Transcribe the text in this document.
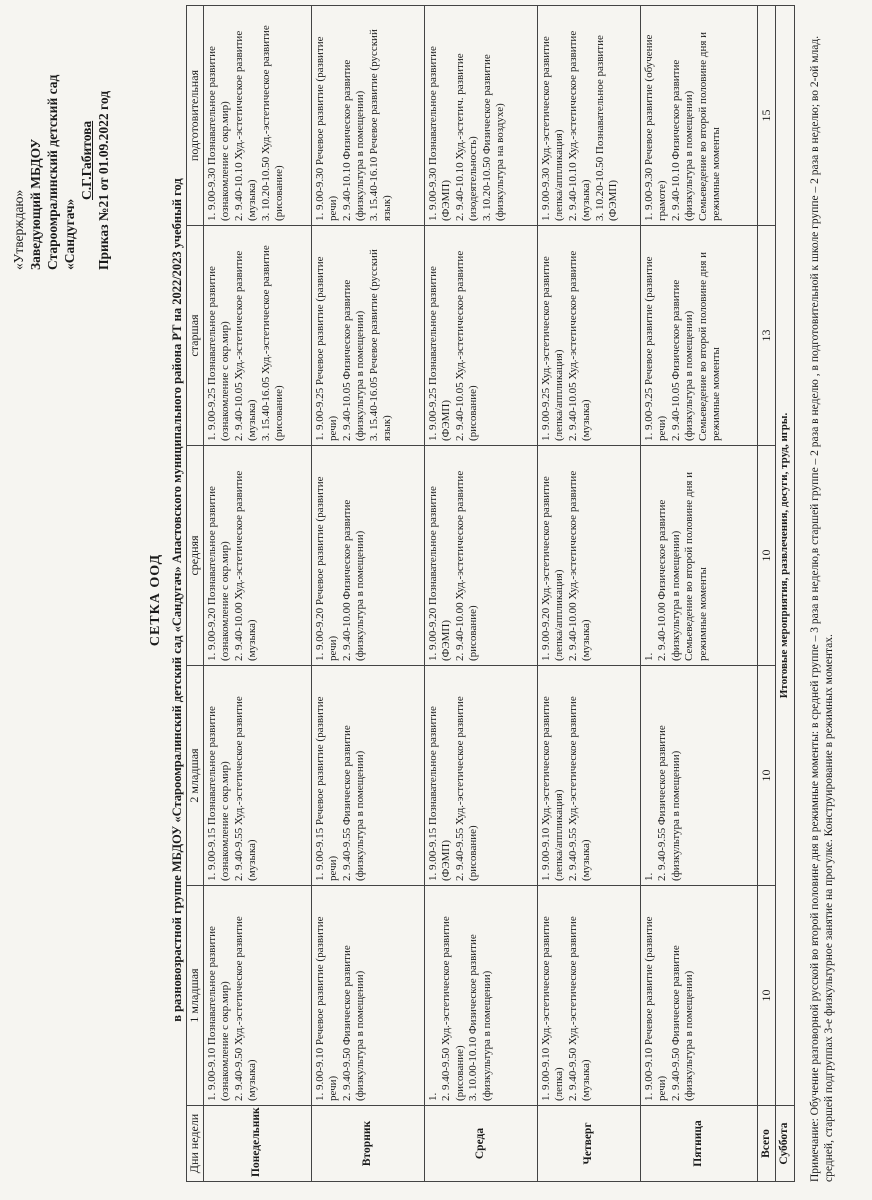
«Утверждаю» Заведующий МБДОУ Староомралинский детский сад «Сандугач»
С.Г.Габитова Приказ №21 от 01.09.2022 год
СЕТКА ООД в разновозрастной группе МБДОУ «Староомралинский детский сад «Сандугач» Апастовского муниципального района РТ на 2022/2023 учебный год
Дни недели	1 младшая	2 младшая	средняя	старшая	подготовительная
Понедельник	1. 9.00-9.10 Познавательное развитие (ознакомление с окр.мир) 2. 9.40-9.50 Худ.-эстетическое развитие (музыка)	1. 9.00-9.15 Познавательное развитие (ознакомление с окр.мир) 2. 9.40-9.55 Худ.-эстетическое развитие (музыка)	1. 9.00-9.20 Познавательное развитие (ознакомление с окр.мир) 2. 9.40-10.00 Худ.-эстетическое развитие (музыка)	1. 9.00-9.25 Познавательное развитие (ознакомление с окр.мир) 2. 9.40-10.05 Худ.-эстетическое развитие (музыка) 3. 15.40-16.05 Худ.-эстетическое развитие (рисование)	1. 9.00-9.30 Познавательное развитие (ознакомление с окр.мир) 2. 9.40-10.10 Худ.-эстетическое развитие (музыка) 3. 10.20-10.50 Худ.-эстетическое развитие (рисование)

Вторник	1. 9.00-9.10 Речевое развитие (развитие речи) 2. 9.40-9.50 Физическое развитие (физкультура в помещении)	1. 9.00-9.15 Речевое развитие (развитие речи) 2. 9.40-9.55 Физическое развитие (физкультура в помещении)	1. 9.00-9.20 Речевое развитие (развитие речи) 2. 9.40-10.00 Физическое развитие (физкультура в помещении)	1. 9.00-9.25 Речевое развитие (развитие речи) 2. 9.40-10.05 Физическое развитие (физкультура в помещении) 3. 15.40-16.05 Речевое развитие (русский язык)	1. 9.00-9.30 Речевое развитие (развитие речи) 2. 9.40-10.10 Физическое развитие (физкультура в помещении) 3. 15.40-16.10 Речевое развитие (русский язык)

Среда	1. 2. 9.40-9.50 Худ.-эстетическое развитие (рисование) 3. 10.00-10.10 Физическое развитие (физкультура в помещении)	1. 9.00-9.15 Познавательное развитие (ФЭМП) 2. 9.40-9.55 Худ.-эстетическое развитие (рисование)	1. 9.00-9.20 Познавательное развитие (ФЭМП) 2. 9.40-10.00 Худ.-эстетическое развитие (рисование)	1. 9.00-9.25 Познавательное развитие (ФЭМП) 2. 9.40-10.05 Худ.-эстетическое развитие (рисование)	1. 9.00-9.30 Познавательное развитие (ФЭМП) 2. 9.40-10.10 Худ.-эстетич. развитие (изодеятельность) 3. 10.20-10.50 Физическое развитие (физкультура на воздухе)

Четверг	1. 9.00-9.10 Худ.-эстетическое развитие (лепка) 2. 9.40-9.50 Худ.-эстетическое развитие (музыка)	1. 9.00-9.10 Худ.-эстетическое развитие (лепка/аппликация) 2. 9.40-9.55 Худ.-эстетическое развитие (музыка)	1. 9.00-9.20 Худ.-эстетическое развитие (лепка/аппликация) 2. 9.40-10.00 Худ.-эстетическое развитие (музыка)	1. 9.00-9.25 Худ.-эстетическое развитие (лепка/аппликация) 2. 9.40-10.05 Худ.-эстетическое развитие (музыка)	1. 9.00-9.30 Худ.-эстетическое развитие (лепка/аппликация) 2. 9.40-10.10 Худ.-эстетическое развитие (музыка) 3. 10.20-10.50 Познавательное развитие (ФЭМП)

Пятница	1. 9.00-9.10 Речевое развитие (развитие речи) 2. 9.40-9.50 Физическое развитие (физкультура в помещении)	1. 2. 9.40-9.55 Физическое развитие (физкультура в помещении)	1. 2. 9.40-10.00 Физическое развитие (физкультура в помещении) Семьеведение во второй половине дня и режимные моменты	1. 9.00-9.25 Речевое развитие (развитие речи) 2. 9.40-10.05 Физическое развитие (физкультура в помещении) Семьеведение во второй половине дня и режимные моменты	1. 9.00-9.30 Речевое развитие (обучение грамоте) 2. 9.40-10.10 Физическое развитие (физкультура в помещении) Семьеведение во второй половине дня и режимные моменты

Всего	10	10	10	13	15
Суббота	Итоговые мероприятия, развлечения, досуги, труд, игры.				Примечание: Обучение разговорной русской во второй половине дня в режимные моменты: в средней группе – 3 раза в неделю,в старшей группе – 2 раза в неделю , в подготовительной к школе группе – 2 раза в неделю; во 2-ой млад. средней, старшей подгруппах 3-е физкультурное занятие на прогулке. Конструирование в режимных моментах.
